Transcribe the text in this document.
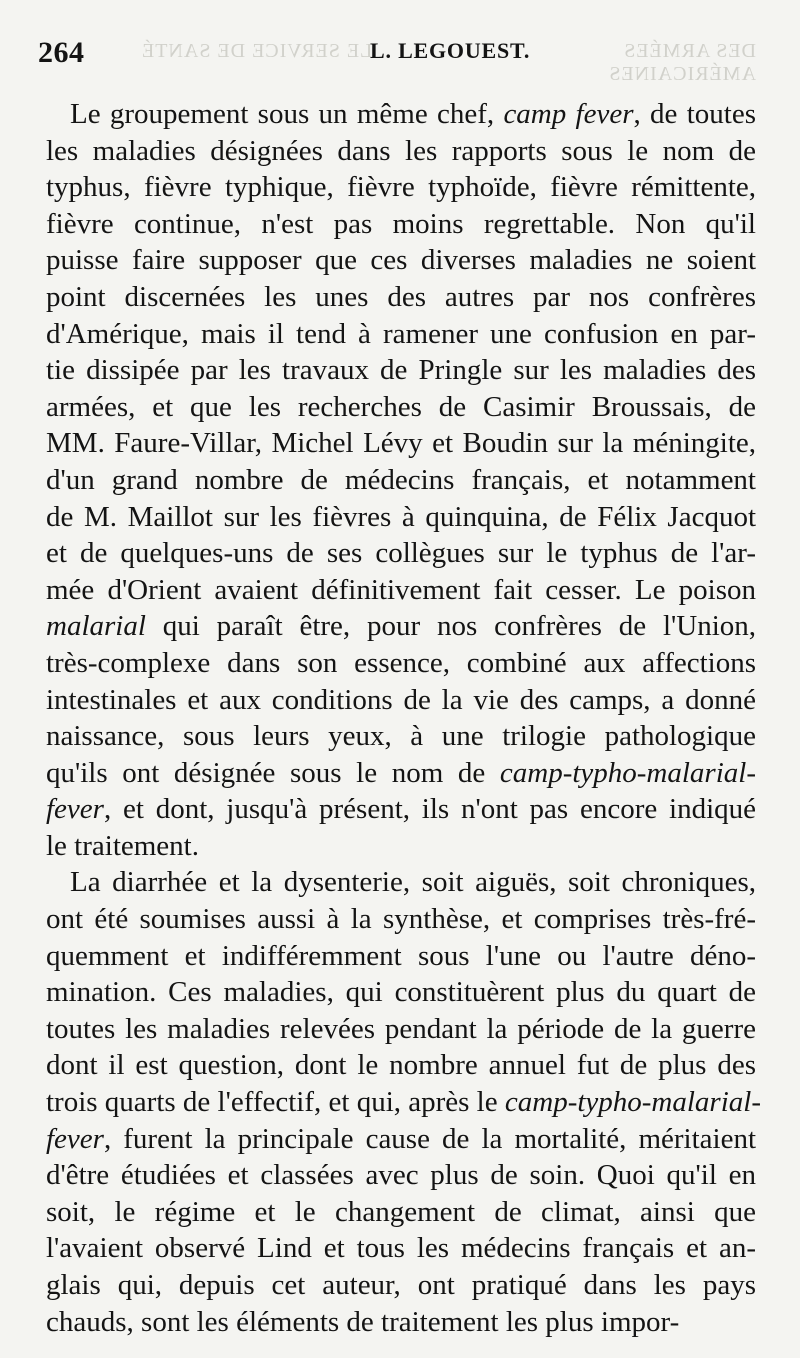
264	LE SERVICE DE SANTÉ
L. LEGOUEST.	DES ARMÉES AMÉRICAINES

Le groupement sous un même chef, camp fever, de toutes
les maladies désignées dans les rapports sous le nom de
typhus, fièvre typhique, fièvre typhoïde, fièvre rémittente,
fièvre continue, n'est pas moins regrettable. Non qu'il
puisse faire supposer que ces diverses maladies ne soient
point discernées les unes des autres par nos confrères
d'Amérique, mais il tend à ramener une confusion en par-
tie dissipée par les travaux de Pringle sur les maladies des
armées, et que les recherches de Casimir Broussais, de
MM. Faure-Villar, Michel Lévy et Boudin sur la méningite,
d'un grand nombre de médecins français, et notamment
de M. Maillot sur les fièvres à quinquina, de Félix Jacquot
et de quelques-uns de ses collègues sur le typhus de l'ar-
mée d'Orient avaient définitivement fait cesser. Le poison
malarial qui paraît être, pour nos confrères de l'Union,
très-complexe dans son essence, combiné aux affections
intestinales et aux conditions de la vie des camps, a donné
naissance, sous leurs yeux, à une trilogie pathologique
qu'ils ont désignée sous le nom de camp-typho-malarial-
fever, et dont, jusqu'à présent, ils n'ont pas encore indiqué
le traitement.

La diarrhée et la dysenterie, soit aiguës, soit chroniques,
ont été soumises aussi à la synthèse, et comprises très-fré-
quemment et indifféremment sous l'une ou l'autre déno-
mination. Ces maladies, qui constituèrent plus du quart de
toutes les maladies relevées pendant la période de la guerre
dont il est question, dont le nombre annuel fut de plus des
trois quarts de l'effectif, et qui, après le camp-typho-malarial-
fever, furent la principale cause de la mortalité, méritaient
d'être étudiées et classées avec plus de soin. Quoi qu'il en
soit, le régime et le changement de climat, ainsi que
l'avaient observé Lind et tous les médecins français et an-
glais qui, depuis cet auteur, ont pratiqué dans les pays
chauds, sont les éléments de traitement les plus impor-
